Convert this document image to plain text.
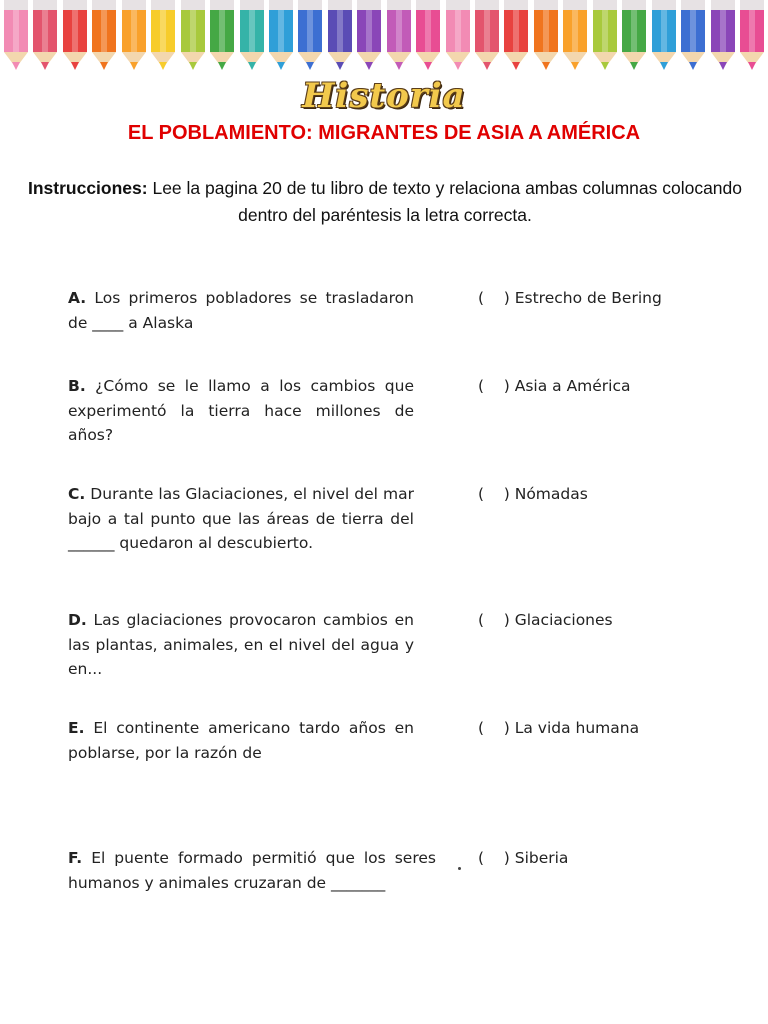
Historia
EL POBLAMIENTO: MIGRANTES DE ASIA A AMÉRICA
Instrucciones: Lee la pagina 20 de tu libro de texto y relaciona ambas columnas colocando dentro del paréntesis la letra correcta.
A. Los primeros pobladores se trasladaron de ____ a Alaska
B. ¿Cómo se le llamo a los cambios que experimentó la tierra hace millones de años?
C. Durante las Glaciaciones, el nivel del mar bajo a tal punto que las áreas de tierra del ______ quedaron al descubierto.
D. Las glaciaciones provocaron cambios en las plantas, animales, en el nivel del agua y en...
E. El continente americano tardo años en poblarse, por la razón de
F. El puente formado permitió que los seres humanos y animales cruzaran de _______
(    ) Estrecho de Bering
(    ) Asia a América
(    ) Nómadas
(    ) Glaciaciones
(    ) La vida humana
(    ) Siberia
